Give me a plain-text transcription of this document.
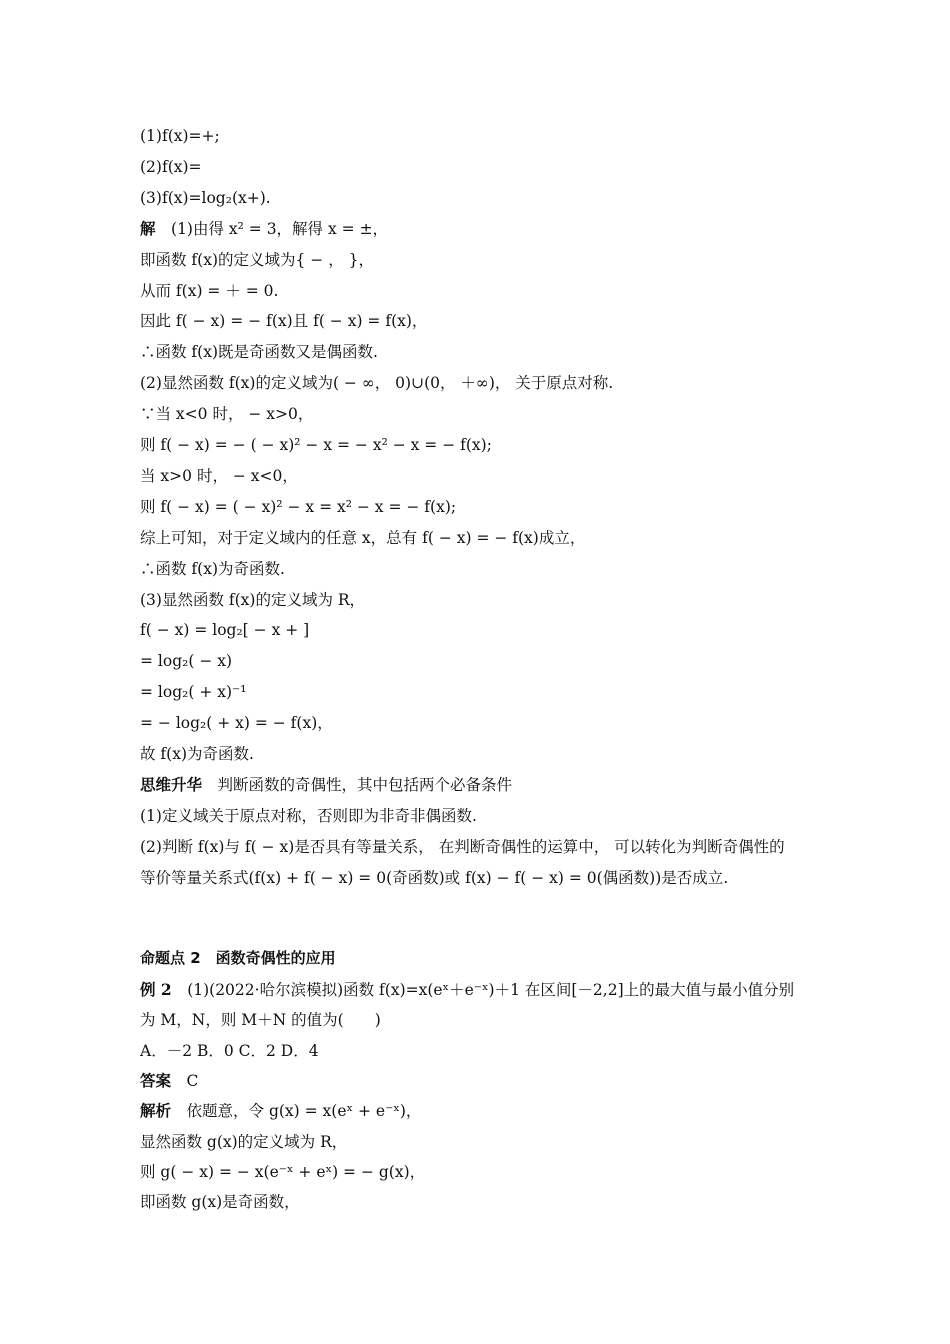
(1)f(x)=+;
(2)f(x)=
(3)f(x)=log₂(x+).
解　(1)由得 x² = 3，解得 x = ±，
即函数 f(x)的定义域为{ − ， }，
从而 f(x) = ＋ = 0.
因此 f( − x) = − f(x)且 f( − x) = f(x)，
∴函数 f(x)既是奇函数又是偶函数.
(2)显然函数 f(x)的定义域为( − ∞， 0)∪(0， ＋∞)， 关于原点对称.
∵当 x<0 时， − x>0，
则 f( − x) = − ( − x)² − x = − x² − x = − f(x);
当 x>0 时， − x<0，
则 f( − x) = ( − x)² − x = x² − x = − f(x);
综上可知，对于定义域内的任意 x，总有 f( − x) = − f(x)成立，
∴函数 f(x)为奇函数.
(3)显然函数 f(x)的定义域为 R，
f( − x) = log₂[ − x + ]
= log₂( − x)
= log₂( + x)⁻¹
= − log₂( + x) = − f(x)，
故 f(x)为奇函数.
思维升华　判断函数的奇偶性，其中包括两个必备条件
(1)定义域关于原点对称，否则即为非奇非偶函数.
(2)判断 f(x)与 f( − x)是否具有等量关系， 在判断奇偶性的运算中， 可以转化为判断奇偶性的
等价等量关系式(f(x) + f( − x) = 0(奇函数)或 f(x) − f( − x) = 0(偶函数))是否成立.
命题点 2　函数奇偶性的应用
例 2　(1)(2022·哈尔滨模拟)函数 f(x)=x(eˣ＋e⁻ˣ)＋1 在区间[－2,2]上的最大值与最小值分别
为 M，N，则 M＋N 的值为(　　)
A．－2 B．0 C．2 D．4
答案　C
解析　依题意，令 g(x) = x(eˣ + e⁻ˣ)，
显然函数 g(x)的定义域为 R，
则 g( − x) = − x(e⁻ˣ + eˣ) = − g(x)，
即函数 g(x)是奇函数，
